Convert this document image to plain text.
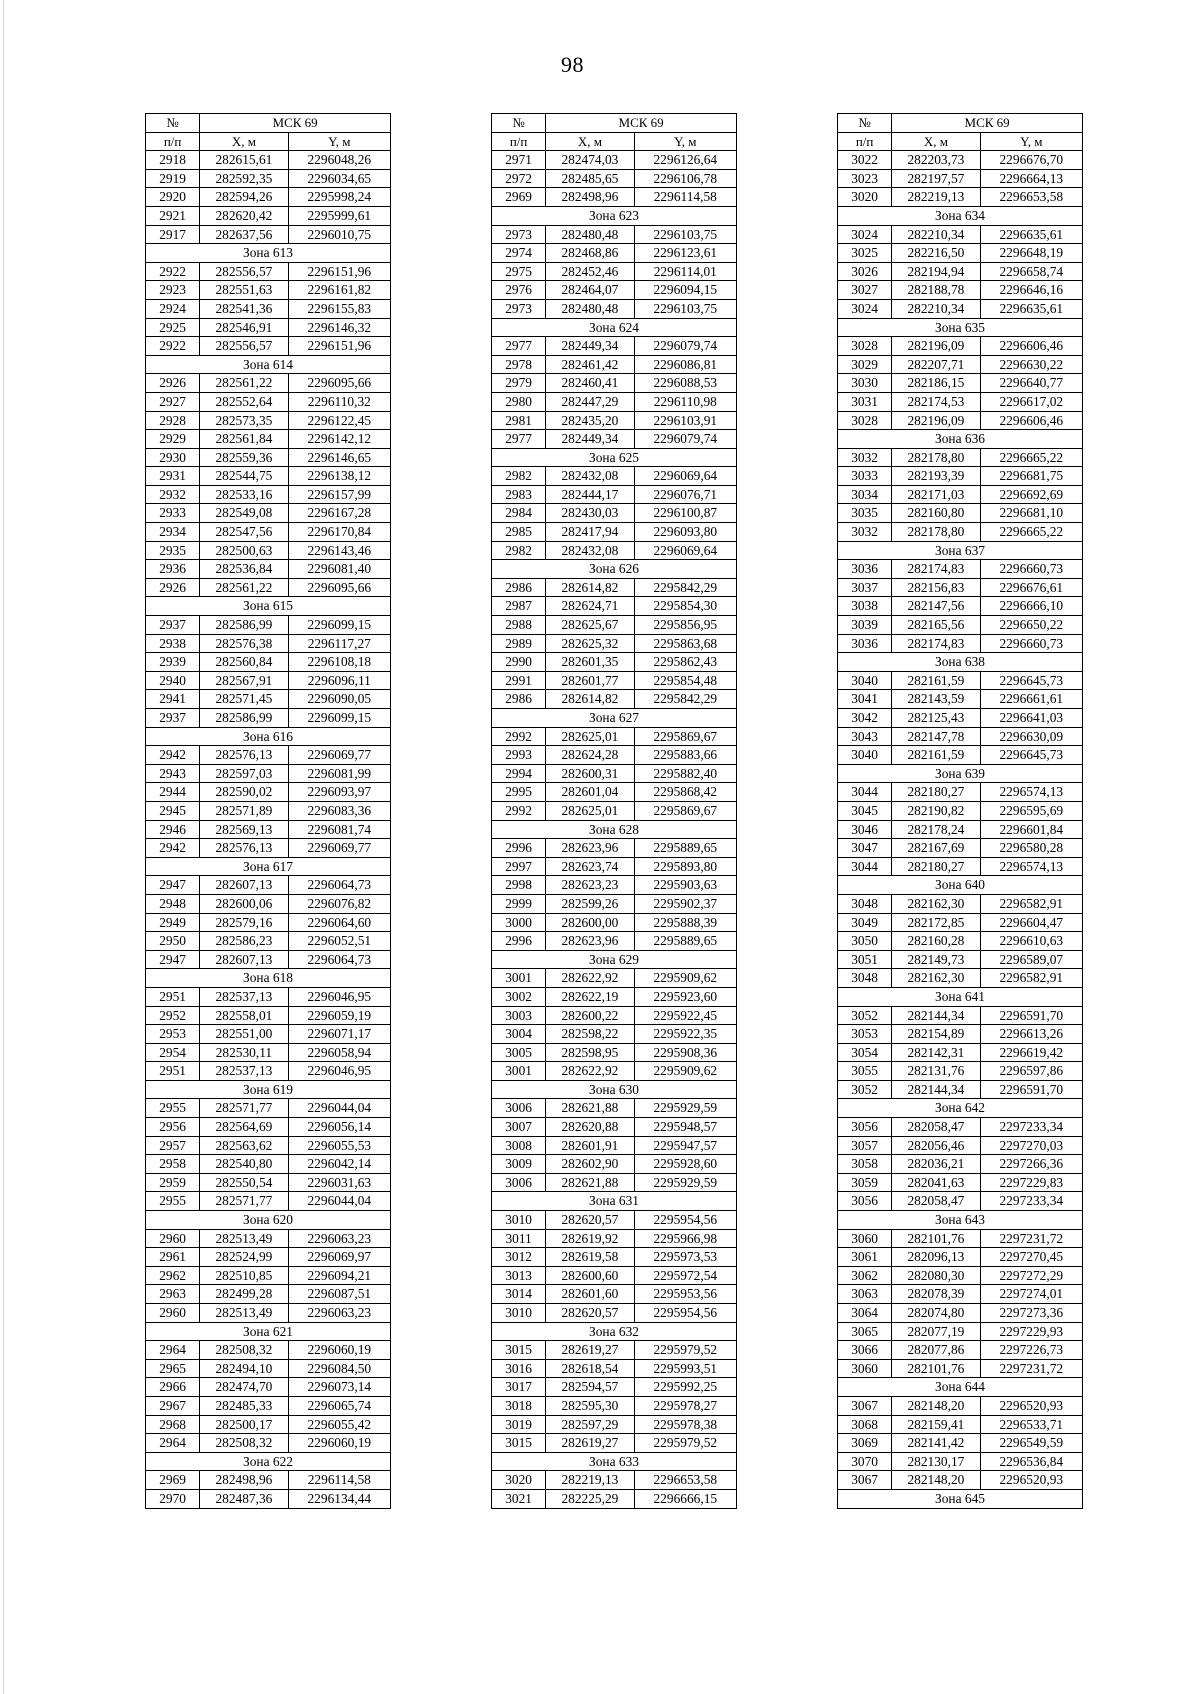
98
№	МСК 69	
п/п	X, м	Y, м
2918	282615,61	2296048,26
2919	282592,35	2296034,65
2920	282594,26	2295998,24
2921	282620,42	2295999,61
2917	282637,56	2296010,75
Зона 613		
2922	282556,57	2296151,96
2923	282551,63	2296161,82
2924	282541,36	2296155,83
2925	282546,91	2296146,32
2922	282556,57	2296151,96
Зона 614		
2926	282561,22	2296095,66
2927	282552,64	2296110,32
2928	282573,35	2296122,45
2929	282561,84	2296142,12
2930	282559,36	2296146,65
2931	282544,75	2296138,12
2932	282533,16	2296157,99
2933	282549,08	2296167,28
2934	282547,56	2296170,84
2935	282500,63	2296143,46
2936	282536,84	2296081,40
2926	282561,22	2296095,66
Зона 615		
2937	282586,99	2296099,15
2938	282576,38	2296117,27
2939	282560,84	2296108,18
2940	282567,91	2296096,11
2941	282571,45	2296090,05
2937	282586,99	2296099,15
Зона 616		
2942	282576,13	2296069,77
2943	282597,03	2296081,99
2944	282590,02	2296093,97
2945	282571,89	2296083,36
2946	282569,13	2296081,74
2942	282576,13	2296069,77
Зона 617		
2947	282607,13	2296064,73
2948	282600,06	2296076,82
2949	282579,16	2296064,60
2950	282586,23	2296052,51
2947	282607,13	2296064,73
Зона 618		
2951	282537,13	2296046,95
2952	282558,01	2296059,19
2953	282551,00	2296071,17
2954	282530,11	2296058,94
2951	282537,13	2296046,95
Зона 619		
2955	282571,77	2296044,04
2956	282564,69	2296056,14
2957	282563,62	2296055,53
2958	282540,80	2296042,14
2959	282550,54	2296031,63
2955	282571,77	2296044,04
Зона 620		
2960	282513,49	2296063,23
2961	282524,99	2296069,97
2962	282510,85	2296094,21
2963	282499,28	2296087,51
2960	282513,49	2296063,23
Зона 621		
2964	282508,32	2296060,19
2965	282494,10	2296084,50
2966	282474,70	2296073,14
2967	282485,33	2296065,74
2968	282500,17	2296055,42
2964	282508,32	2296060,19
Зона 622		
2969	282498,96	2296114,58
2970	282487,36	2296134,44
№	МСК 69	
п/п	X, м	Y, м
2971	282474,03	2296126,64
2972	282485,65	2296106,78
2969	282498,96	2296114,58
Зона 623		
2973	282480,48	2296103,75
2974	282468,86	2296123,61
2975	282452,46	2296114,01
2976	282464,07	2296094,15
2973	282480,48	2296103,75
Зона 624		
2977	282449,34	2296079,74
2978	282461,42	2296086,81
2979	282460,41	2296088,53
2980	282447,29	2296110,98
2981	282435,20	2296103,91
2977	282449,34	2296079,74
Зона 625		
2982	282432,08	2296069,64
2983	282444,17	2296076,71
2984	282430,03	2296100,87
2985	282417,94	2296093,80
2982	282432,08	2296069,64
Зона 626		
2986	282614,82	2295842,29
2987	282624,71	2295854,30
2988	282625,67	2295856,95
2989	282625,32	2295863,68
2990	282601,35	2295862,43
2991	282601,77	2295854,48
2986	282614,82	2295842,29
Зона 627		
2992	282625,01	2295869,67
2993	282624,28	2295883,66
2994	282600,31	2295882,40
2995	282601,04	2295868,42
2992	282625,01	2295869,67
Зона 628		
2996	282623,96	2295889,65
2997	282623,74	2295893,80
2998	282623,23	2295903,63
2999	282599,26	2295902,37
3000	282600,00	2295888,39
2996	282623,96	2295889,65
Зона 629		
3001	282622,92	2295909,62
3002	282622,19	2295923,60
3003	282600,22	2295922,45
3004	282598,22	2295922,35
3005	282598,95	2295908,36
3001	282622,92	2295909,62
Зона 630		
3006	282621,88	2295929,59
3007	282620,88	2295948,57
3008	282601,91	2295947,57
3009	282602,90	2295928,60
3006	282621,88	2295929,59
Зона 631		
3010	282620,57	2295954,56
3011	282619,92	2295966,98
3012	282619,58	2295973,53
3013	282600,60	2295972,54
3014	282601,60	2295953,56
3010	282620,57	2295954,56
Зона 632		
3015	282619,27	2295979,52
3016	282618,54	2295993,51
3017	282594,57	2295992,25
3018	282595,30	2295978,27
3019	282597,29	2295978,38
3015	282619,27	2295979,52
Зона 633		
3020	282219,13	2296653,58
3021	282225,29	2296666,15
№	МСК 69	
п/п	X, м	Y, м
3022	282203,73	2296676,70
3023	282197,57	2296664,13
3020	282219,13	2296653,58
Зона 634		
3024	282210,34	2296635,61
3025	282216,50	2296648,19
3026	282194,94	2296658,74
3027	282188,78	2296646,16
3024	282210,34	2296635,61
Зона 635		
3028	282196,09	2296606,46
3029	282207,71	2296630,22
3030	282186,15	2296640,77
3031	282174,53	2296617,02
3028	282196,09	2296606,46
Зона 636		
3032	282178,80	2296665,22
3033	282193,39	2296681,75
3034	282171,03	2296692,69
3035	282160,80	2296681,10
3032	282178,80	2296665,22
Зона 637		
3036	282174,83	2296660,73
3037	282156,83	2296676,61
3038	282147,56	2296666,10
3039	282165,56	2296650,22
3036	282174,83	2296660,73
Зона 638		
3040	282161,59	2296645,73
3041	282143,59	2296661,61
3042	282125,43	2296641,03
3043	282147,78	2296630,09
3040	282161,59	2296645,73
Зона 639		
3044	282180,27	2296574,13
3045	282190,82	2296595,69
3046	282178,24	2296601,84
3047	282167,69	2296580,28
3044	282180,27	2296574,13
Зона 640		
3048	282162,30	2296582,91
3049	282172,85	2296604,47
3050	282160,28	2296610,63
3051	282149,73	2296589,07
3048	282162,30	2296582,91
Зона 641		
3052	282144,34	2296591,70
3053	282154,89	2296613,26
3054	282142,31	2296619,42
3055	282131,76	2296597,86
3052	282144,34	2296591,70
Зона 642		
3056	282058,47	2297233,34
3057	282056,46	2297270,03
3058	282036,21	2297266,36
3059	282041,63	2297229,83
3056	282058,47	2297233,34
Зона 643		
3060	282101,76	2297231,72
3061	282096,13	2297270,45
3062	282080,30	2297272,29
3063	282078,39	2297274,01
3064	282074,80	2297273,36
3065	282077,19	2297229,93
3066	282077,86	2297226,73
3060	282101,76	2297231,72
Зона 644		
3067	282148,20	2296520,93
3068	282159,41	2296533,71
3069	282141,42	2296549,59
3070	282130,17	2296536,84
3067	282148,20	2296520,93
Зона 645		
